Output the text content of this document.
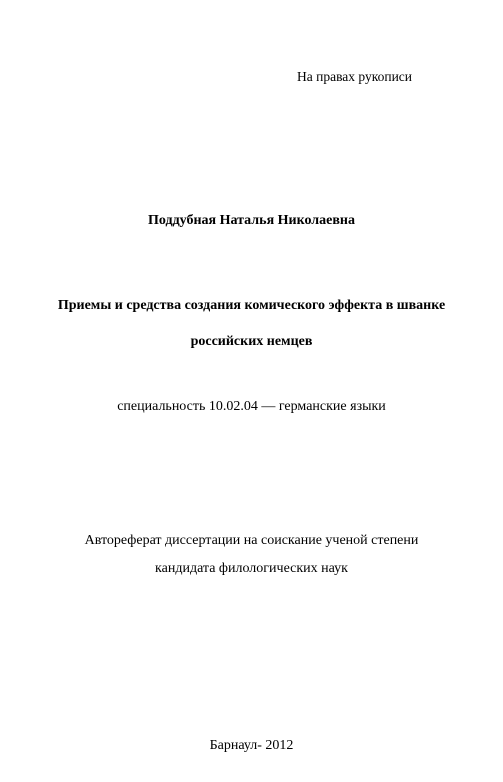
На правах рукописи
Поддубная Наталья Николаевна
Приемы и средства создания комического эффекта в шванке
российских немцев
специальность 10.02.04 — германские языки
Автореферат диссертации на соискание ученой степени
кандидата филологических наук
Барнаул- 2012
